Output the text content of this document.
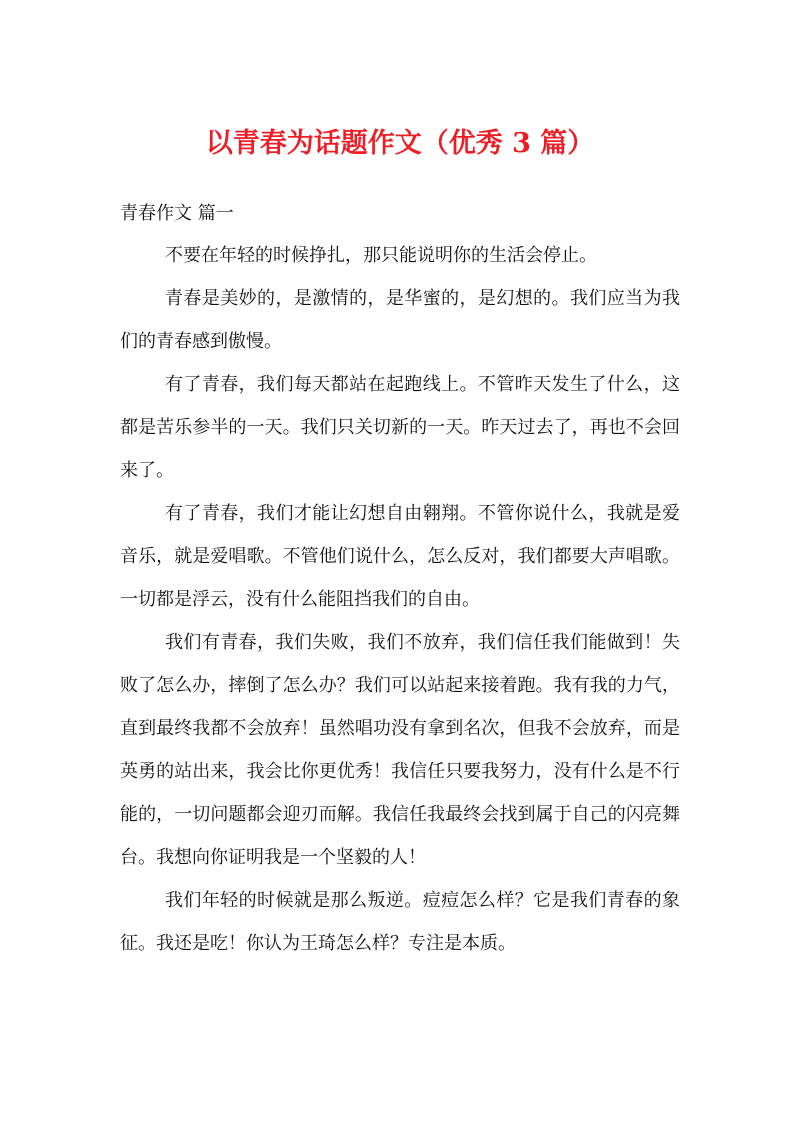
以青春为话题作文（优秀 3 篇）
青春作文 篇一

不要在年轻的时候挣扎，那只能说明你的生活会停止。

青春是美妙的，是激情的，是华蜜的，是幻想的。我们应当为我们的青春感到傲慢。

有了青春，我们每天都站在起跑线上。不管昨天发生了什么，这都是苦乐参半的一天。我们只关切新的一天。昨天过去了，再也不会回来了。

有了青春，我们才能让幻想自由翱翔。不管你说什么，我就是爱音乐，就是爱唱歌。不管他们说什么，怎么反对，我们都要大声唱歌。一切都是浮云，没有什么能阻挡我们的自由。

我们有青春，我们失败，我们不放弃，我们信任我们能做到！失败了怎么办，摔倒了怎么办？我们可以站起来接着跑。我有我的力气，直到最终我都不会放弃！虽然唱功没有拿到名次，但我不会放弃，而是英勇的站出来，我会比你更优秀！我信任只要我努力，没有什么是不行能的，一切问题都会迎刃而解。我信任我最终会找到属于自己的闪亮舞台。我想向你证明我是一个坚毅的人！

我们年轻的时候就是那么叛逆。痘痘怎么样？它是我们青春的象征。我还是吃！你认为王琦怎么样？专注是本质。
